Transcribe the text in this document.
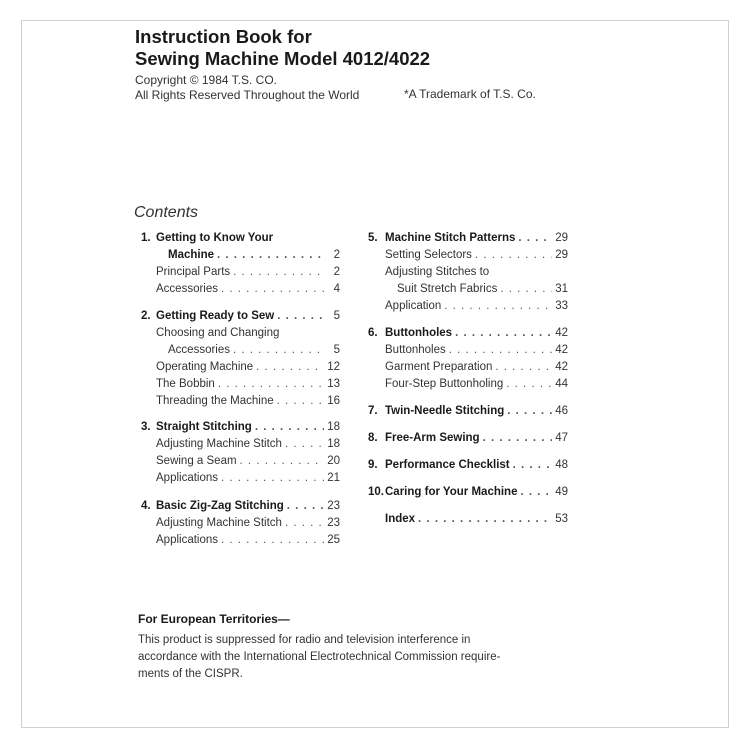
Instruction Book for
Sewing Machine Model 4012/4022
Copyright © 1984 T.S. CO.
All Rights Reserved Throughout the World	*A Trademark of T.S. Co.
Contents
1. Getting to Know Your
Machine . . .	2
Principal Parts . . .	2
Accessories . . .	4
2. Getting Ready to Sew . . .	5
Choosing and Changing
Accessories . . .	5
Operating Machine . . .	12
The Bobbin . . .	13
Threading the Machine . . .	16
3. Straight Stitching . . .	18
Adjusting Machine Stitch . . .	18
Sewing a Seam . . .	20
Applications . . .	21
4. Basic Zig-Zag Stitching . . .	23
Adjusting Machine Stitch . . .	23
Applications . . .	25
5. Machine Stitch Patterns . . .	29
Setting Selectors . . .	29
Adjusting Stitches to
Suit Stretch Fabrics . . .	31
Application . . .	33
6. Buttonholes . . .	42
Buttonholes . . .	42
Garment Preparation . . .	42
Four-Step Buttonholing . . .	44
7. Twin-Needle Stitching . . .	46
8. Free-Arm Sewing . . .	47
9. Performance Checklist . . .	48
10. Caring for Your Machine . . .	49
Index . . .	53
For European Territories—
This product is suppressed for radio and television interference in
accordance with the International Electrotechnical Commission require-
ments of the CISPR.
